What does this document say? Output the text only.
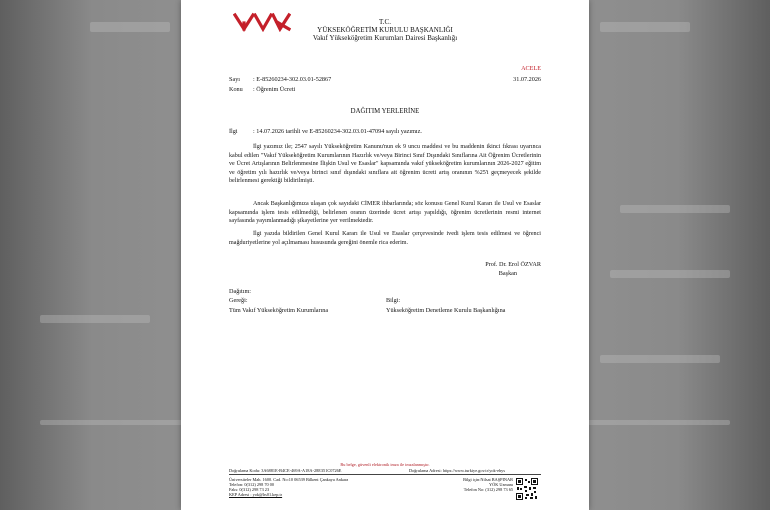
T.C.
YÜKSEKÖĞRETİM KURULU BAŞKANLIĞI
Vakıf Yükseköğretim Kurumları Dairesi Başkanlığı
ACELE
Sayı : E-85260234-302.03.01-52867	31.07.2026
Konu : Öğrenim Ücreti
DAĞITIM YERLERİNE
İlgi : 14.07.2026 tarihli ve E-85260234-302.03.01-47094 sayılı yazımız.
İlgi yazımız ile; 2547 sayılı Yükseköğretim Kanunu'nun ek 9 uncu maddesi ve bu maddenin ikinci fıkrası uyarınca kabul edilen "Vakıf Yükseköğretim Kurumlarının Hazırlık ve/veya Birinci Sınıf Dışındaki Sınıflarına Ait Öğrenim Ücretlerinin ve Ücret Artışlarının Belirlenmesine İlişkin Usul ve Esaslar" kapsamında vakıf yükseköğretim kurumlarının 2026-2027 eğitim ve öğretim yılı hazırlık ve/veya birinci sınıf dışındaki sınıflara ait öğrenim ücreti artış oranının %25'i geçmeyecek şekilde belirlenmesi gerektiği bildirilmişti.
Ancak Başkanlığımıza ulaşan çok sayıdaki CİMER ihbarlarında; söz konusu Genel Kurul Kararı ile Usul ve Esaslar kapsamında işlem tesis edilmediği, belirlenen oranın üzerinde ücret artışı yapıldığı, öğrenim ücretlerinin resmi internet sayfasında yayımlanmadığı şikayetlerine yer verilmektedir.
İlgi yazıda bildirilen Genel Kurul Kararı ile Usul ve Esaslar çerçevesinde ivedi işlem tesis edilmesi ve öğrenci mağduriyetlerine yol açılmaması hususunda gereğini önemle rica ederim.
Prof. Dr. Erol ÖZVAR
Başkan
Dağıtım:
Gereği:
Tüm Vakıf Yükseköğretim Kurumlarına
Bilgi:
Yükseköğretim Denetleme Kurulu Başkanlığına
Bu belge, güvenli elektronik imza ile imzalanmıştır.
Doğrulama Kodu: 3A6881E-B4CE-469A-A18A-28E351C0726E	Doğrulama Adresi: https://www.turkiye.gov.tr/yok-ebys
Üniversiteler Mah. 1600. Cad. No:10 06539 Bilkent Çankaya Ankara
Telefon: 0(312) 298 70 00
Faks: 0(312) 298 73 23
KEP Adresi : yok@hs01.kep.tr
Bilgi için:Nilsat BAŞPINAR
YÖK Uzmanı
Telefon No: (312) 298 73 65
